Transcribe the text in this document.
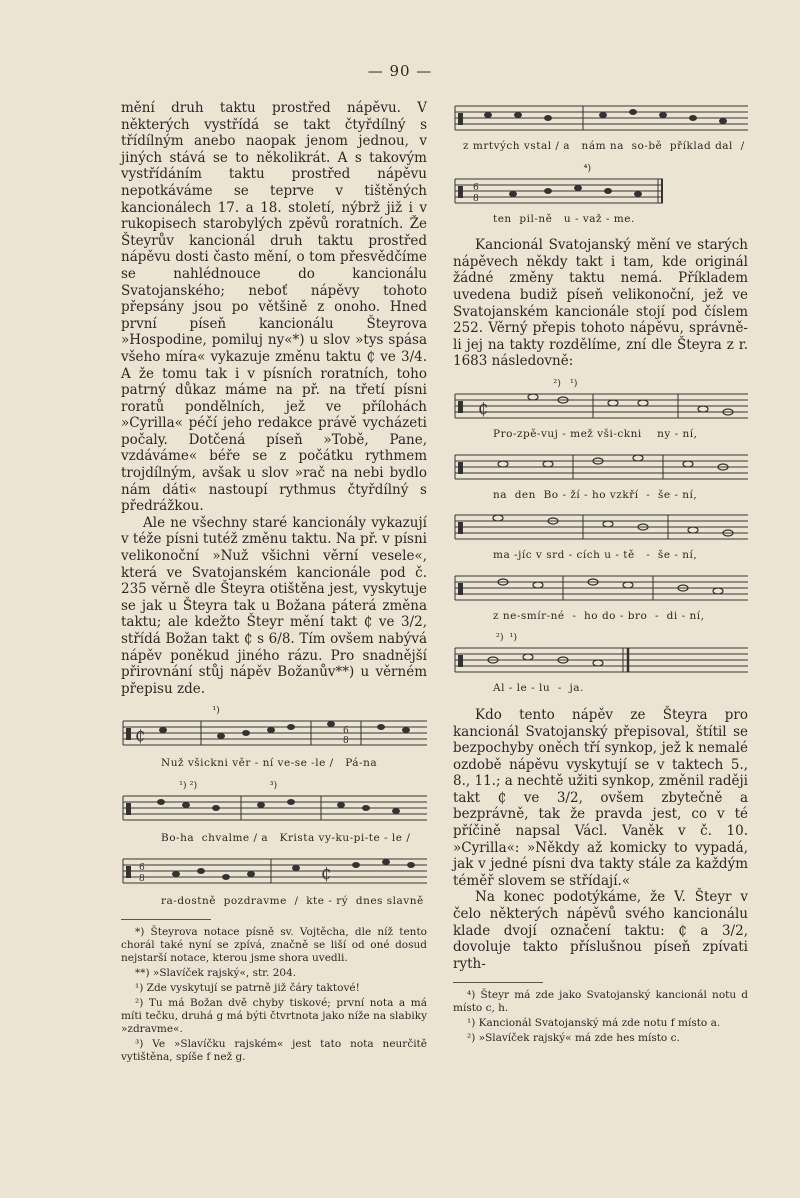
— 90 —

mění druh taktu prostřed nápěvu. V některých vystřídá se takt čtyřdílný s třídílným anebo naopak jenom jednou, v jiných stává se to několikrát. A s takovým vystřídáním taktu prostřed nápěvu nepotkáváme se teprve v tištěných kancionálech 17. a 18. století, nýbrž již i v rukopisech starobylých zpěvů roratních. Že Šteyrův kancionál druh taktu prostřed nápěvu dosti často mění, o tom přesvědčíme se nahlédnouce do kancionálu Svatojanského; neboť nápěvy tohoto přepsány jsou po většině z onoho. Hned první píseň kancionálu Šteyrova »Hospodine, pomiluj ny«*) u slov »tys spása všeho míra« vykazuje změnu taktu ₵ ve 3/4. A že tomu tak i v písních roratních, toho patrný důkaz máme na př. na třetí písni roratů pondělních, jež ve přílohách »Cyrilla« péčí jeho redakce právě vycházeti počaly. Dotčená píseň »Tobě, Pane, vzdáváme« béře se z počátku rythmem trojdílným, avšak u slov »rač na nebi bydlo nám dáti« nastoupí rythmus čtyřdílný s předrážkou.

Ale ne všechny staré kancionály vykazují v téže písni tutéž změnu taktu. Na př. v písni velikonoční »Nuž všichni věrní vesele«, která ve Svatojanském kancionále pod č. 235 věrně dle Šteyra otištěna jest, vyskytuje se jak u Šteyra tak u Božana páterá změna taktu; ale kdežto Šteyr mění takt ₵ ve 3/2, střídá Božan takt ₵ s 6/8. Tím ovšem nabývá nápěv poněkud jiného rázu. Pro snadnější přirovnání stůj nápěv Božanův**) u věrném přepisu zde.

¹)
₵	6
8
Nuž všickni věr - ní ve-se -le /   Pá-na
¹) ²)                        ³)
Bo-ha  chvalme / a   Krista vy-ku-pi-te - le /
6
8	₵
ra-dostně  pozdravme  /  kte - rý  dnes slavně

*) Šteyrova notace písně sv. Vojtěcha, dle níž tento chorál také nyní se zpívá, značně se liší od oné dosud nejstarší notace, kterou jsme shora uvedli.

**) »Slavíček rajský«, str. 204.

¹) Zde vyskytují se patrně již čáry taktové!

²) Tu má Božan dvě chyby tiskové; první nota a má míti tečku, druhá g má býti čtvrtnota jako níže na slabiky »zdravme«.

³) Ve »Slavíčku rajském« jest tato nota neurčitě vytištěna, spíše f než g.

z mrtvých vstal / a   nám na  so-bě  příklad dal  /
⁴)
6
8
ten  pil-ně   u - važ - me.

Kancionál Svatojanský mění ve starých nápěvech někdy takt i tam, kde originál žádné změny taktu nemá. Příkladem uvedena budiž píseň velikonoční, jež ve Svatojanském kancionále stojí pod číslem 252. Věrný přepis tohoto nápěvu, správně-li jej na takty rozdělíme, zní dle Šteyra z r. 1683 následovně:

²)   ¹)
₵
Pro-zpě-vuj - mež vši-ckni    ny - ní,
na  den  Bo - ží - ho vzkří  -  še - ní,
ma -jíc v srd - cích u - tě   -  še - ní,
z ne-smír-né  -  ho do - bro  -  di - ní,
²)  ¹)
Al - le - lu  -  ja.

Kdo tento nápěv ze Šteyra pro kancionál Svatojanský přepisoval, štítil se bezpochyby oněch tří synkop, jež k nemalé ozdobě nápěvu vyskytují se v taktech 5., 8., 11.; a nechtě užiti synkop, změnil raději takt ₵ ve 3/2, ovšem zbytečně a bezprávně, tak že pravda jest, co v té příčině napsal Václ. Vaněk v č. 10. »Cyrilla«: »Někdy až komicky to vypadá, jak v jedné písni dva takty stále za každým téměř slovem se střídají.«

Na konec podotýkáme, že V. Šteyr v čelo některých nápěvů svého kancionálu klade dvojí označení taktu: ₵ a 3/2, dovoluje takto příslušnou píseň zpívati ryth-

⁴) Šteyr má zde jako Svatojanský kancionál notu d místo c, h.

¹) Kancionál Svatojanský má zde notu f místo a.

²) »Slavíček rajský« má zde hes místo c.
